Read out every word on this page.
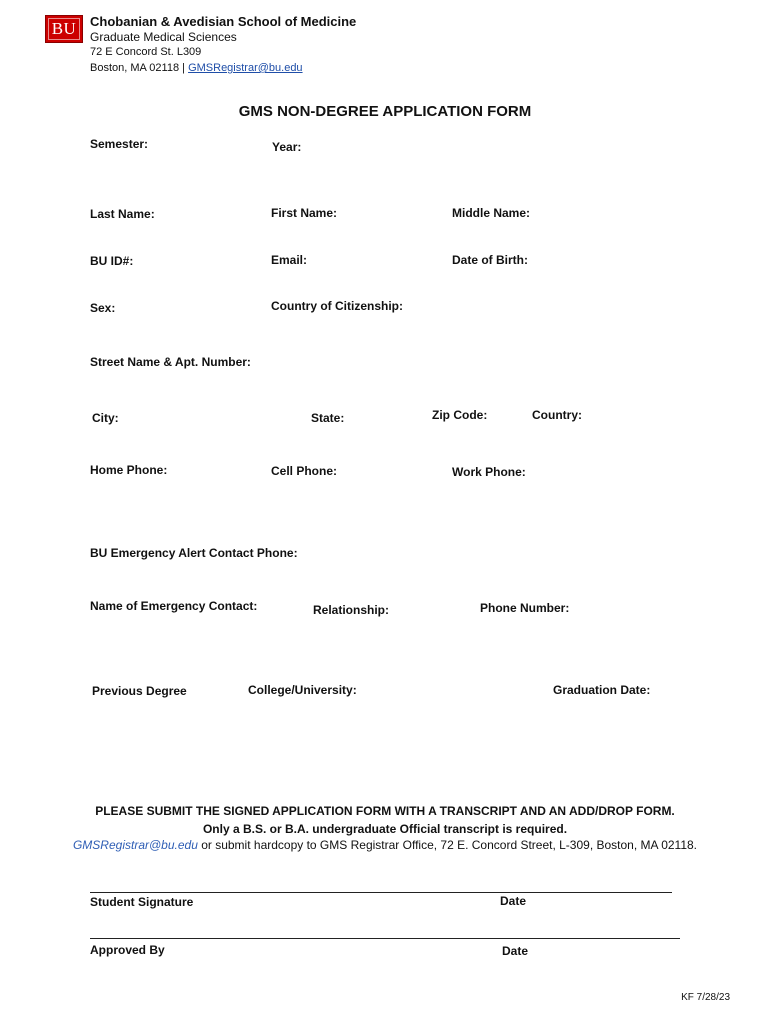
BU Chobanian & Avedisian School of Medicine
Graduate Medical Sciences
72 E Concord St. L309
Boston, MA 02118 | GMSRegistrar@bu.edu
GMS NON-DEGREE APPLICATION FORM
Semester:	Year:
Last Name:	First Name:	Middle Name:
BU ID#:	Email:	Date of Birth:
Sex:	Country of Citizenship:
Street Name & Apt. Number:
City:	State:	Zip Code:	Country:
Home Phone:	Cell Phone:	Work Phone:
BU Emergency Alert Contact Phone:
Name of Emergency Contact:	Relationship:	Phone Number:
Previous Degree	College/University:	Graduation Date:
PLEASE SUBMIT THE SIGNED APPLICATION FORM WITH A TRANSCRIPT AND AN ADD/DROP FORM.
Only a B.S. or B.A. undergraduate Official transcript is required.
GMSRegistrar@bu.edu or submit hardcopy to GMS Registrar Office, 72 E. Concord Street, L-309, Boston, MA 02118.
Student Signature	Date
Approved By	Date
KF 7/28/23
